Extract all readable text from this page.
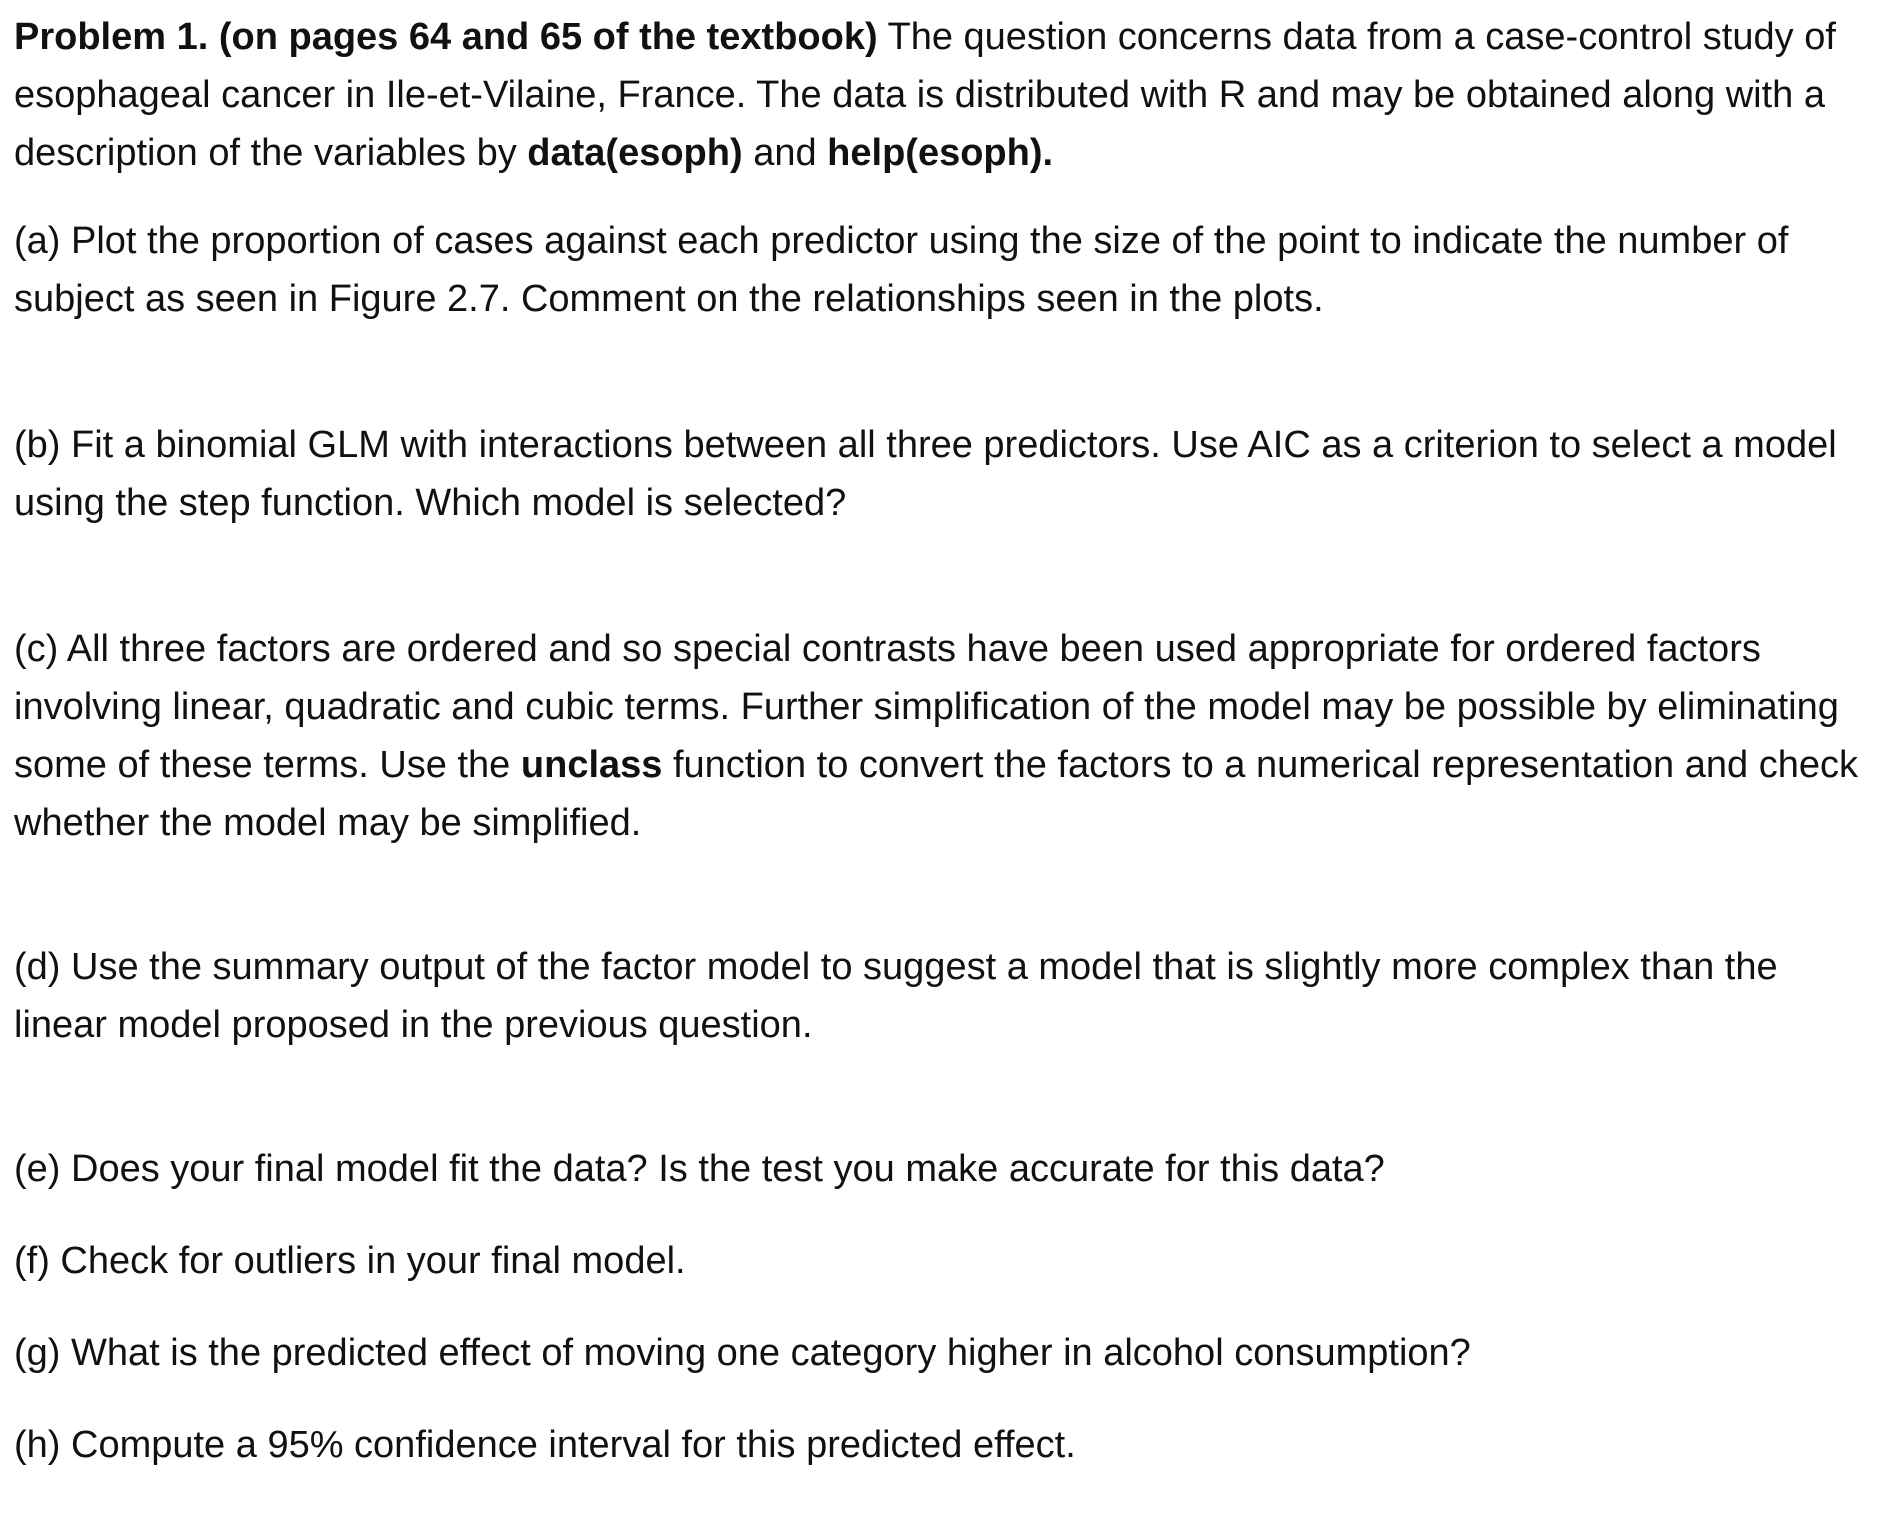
Problem 1. (on pages 64 and 65 of the textbook) The question concerns data from a case-control study of esophageal cancer in Ile-et-Vilaine, France. The data is distributed with R and may be obtained along with a description of the variables by data(esoph) and help(esoph).

(a) Plot the proportion of cases against each predictor using the size of the point to indicate the number of subject as seen in Figure 2.7. Comment on the relationships seen in the plots.

(b) Fit a binomial GLM with interactions between all three predictors. Use AIC as a criterion to select a model using the step function. Which model is selected?

(c) All three factors are ordered and so special contrasts have been used appropriate for ordered factors involving linear, quadratic and cubic terms. Further simplification of the model may be possible by eliminating some of these terms. Use the unclass function to convert the factors to a numerical representation and check whether the model may be simplified.

(d) Use the summary output of the factor model to suggest a model that is slightly more complex than the linear model proposed in the previous question.

(e) Does your final model fit the data? Is the test you make accurate for this data?

(f) Check for outliers in your final model.

(g) What is the predicted effect of moving one category higher in alcohol consumption?

(h) Compute a 95% confidence interval for this predicted effect.
